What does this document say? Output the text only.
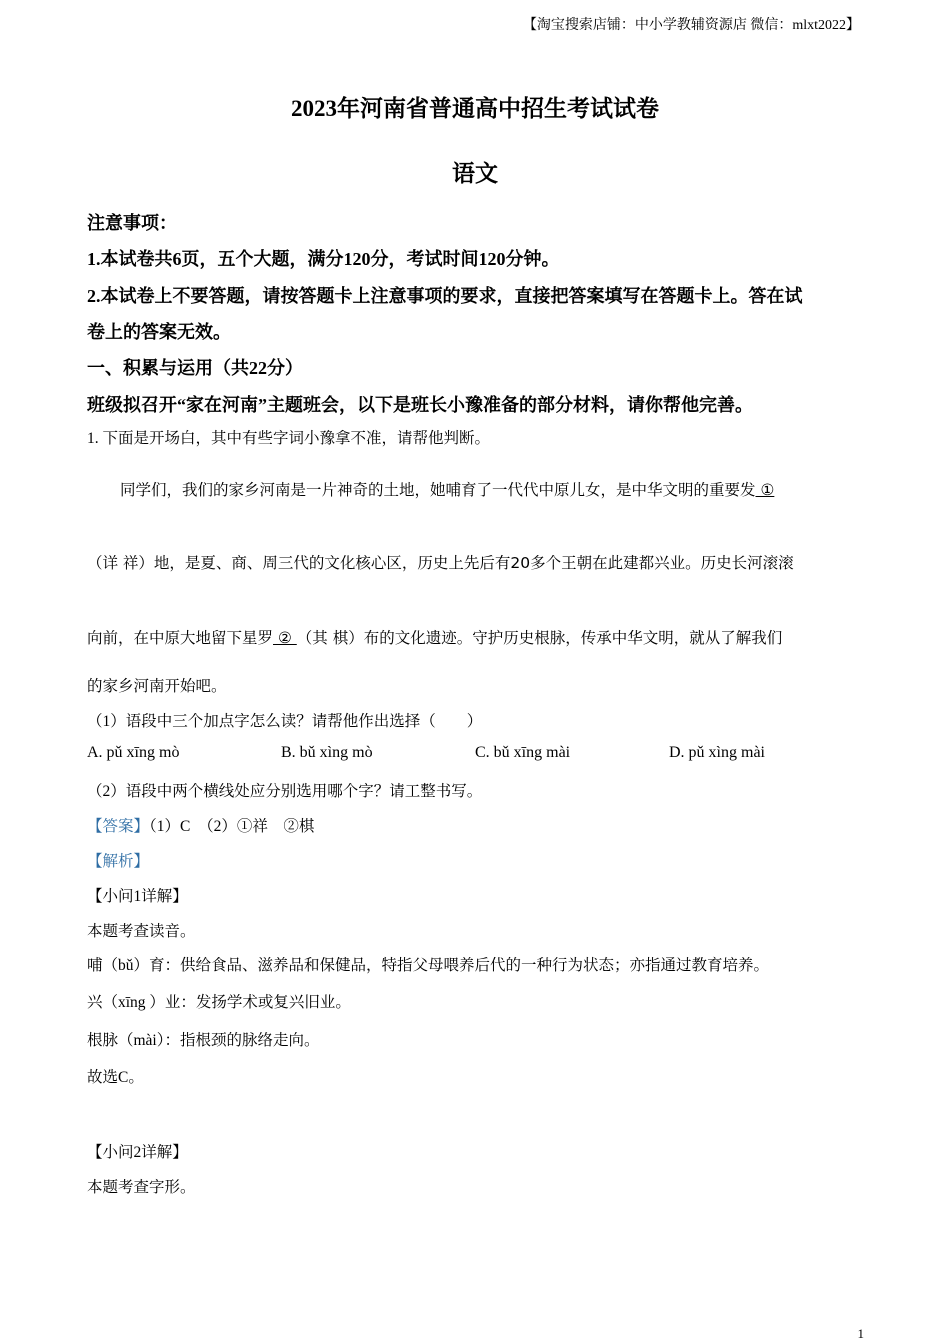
【淘宝搜索店铺：中小学教辅资源店 微信：mlxt2022】
2023年河南省普通高中招生考试试卷
语文
注意事项：
1.本试卷共6页，五个大题，满分120分，考试时间120分钟。
2.本试卷上不要答题，请按答题卡上注意事项的要求，直接把答案填写在答题卡上。答在试
卷上的答案无效。
一、积累与运用（共22分）
班级拟召开“家在河南”主题班会，以下是班长小豫准备的部分材料，请你帮他完善。
1. 下面是开场白，其中有些字词小豫拿不准，请帮他判断。
同学们，我们的家乡河南是一片神奇的土地，她哺育了一代代中原儿女，是中华文明的重要发 ①
（详 祥）地，是夏、商、周三代的文化核心区，历史上先后有20多个王朝在此建都兴业。历史长河滚滚
向前，在中原大地留下星罗 ② （其 棋）布的文化遗迹。守护历史根脉，传承中华文明，就从了解我们
的家乡河南开始吧。
（1）语段中三个加点字怎么读？请帮他作出选择（　　）
A. pǔ xīng mò	B. bǔ xìng mò	C. bǔ xīng mài	D. pǔ xìng mài
（2）语段中两个横线处应分别选用哪个字？请工整书写。
【答案】（1）C　（2）①祥　②棋
【解析】
【小问1详解】
本题考查读音。
哺（bǔ）育：供给食品、滋养品和保健品，特指父母喂养后代的一种行为状态；亦指通过教育培养。
兴（xīng ）业：发扬学术或复兴旧业。
根脉（mài）：指根颈的脉络走向。
故选C。
【小问2详解】
本题考查字形。
1
